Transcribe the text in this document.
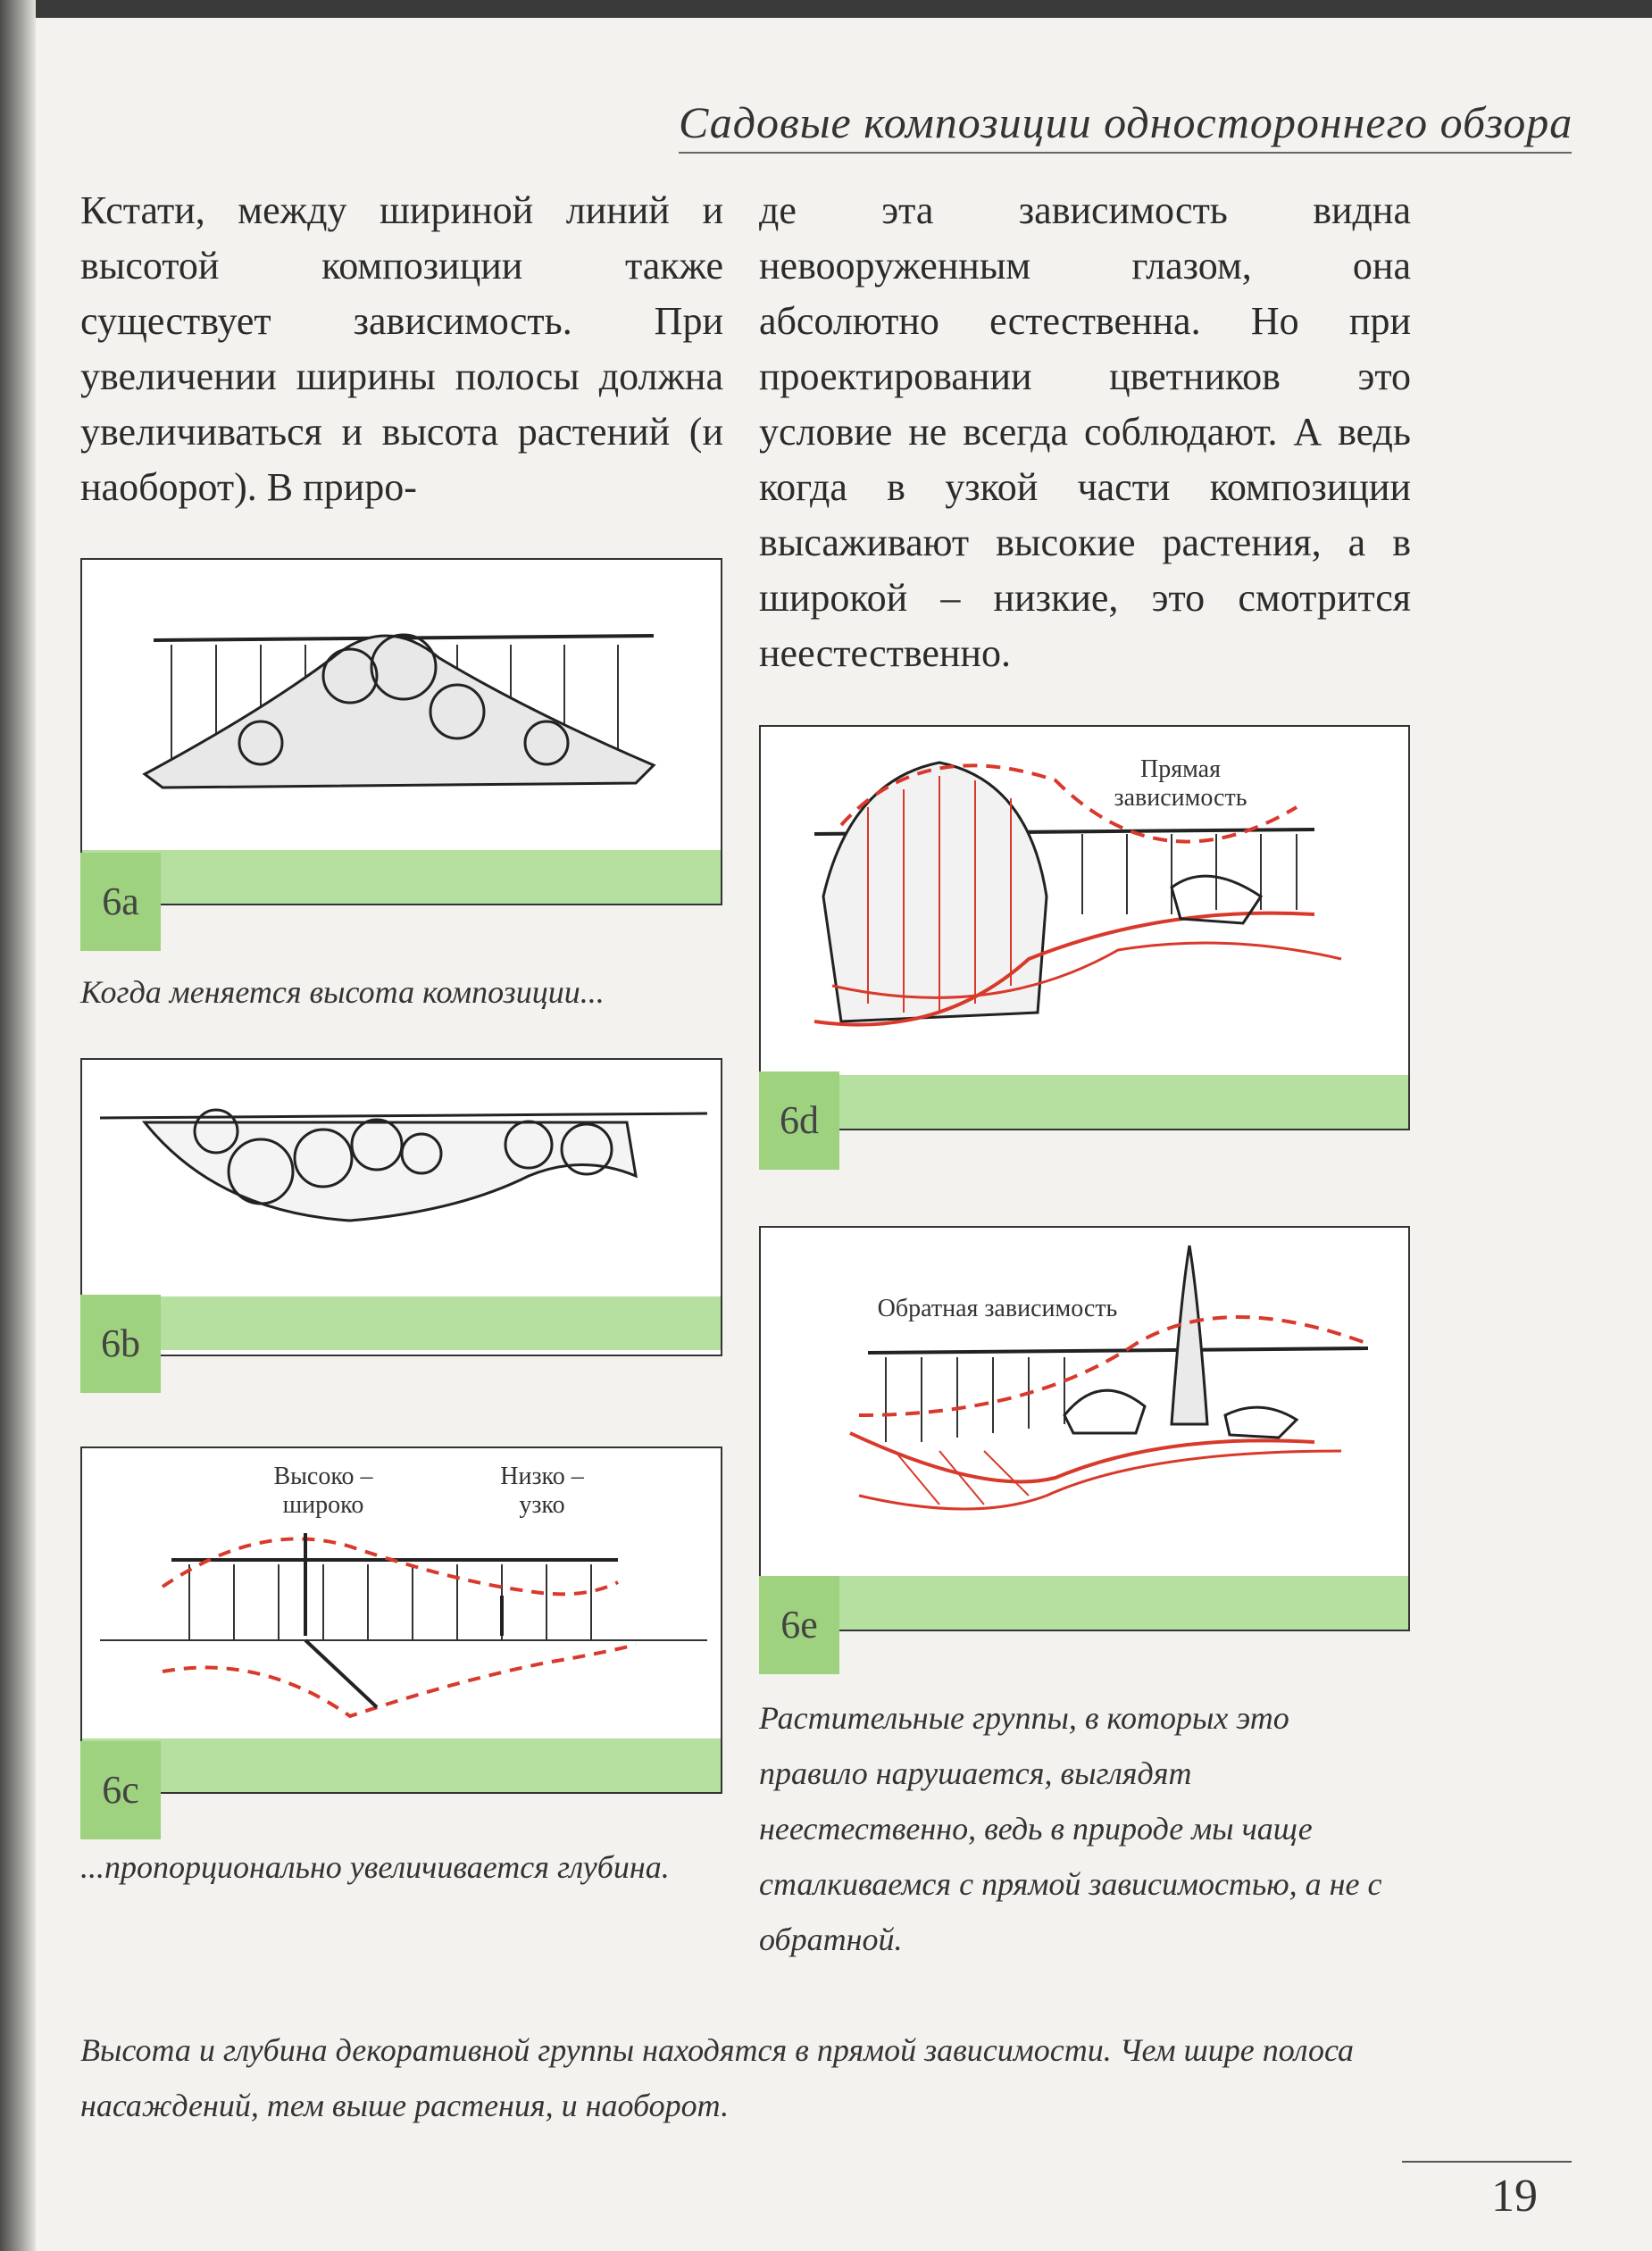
Садовые композиции одностороннего обзора
Кстати, между шириной линий и высотой композиции также существует зависимость. При увеличении ширины полосы должна увеличиваться и высота растений (и наоборот). В приро-
де эта зависимость видна невооруженным глазом, она абсолютно естественна. Но при проектировании цветников это условие не всегда соблюдают. А ведь когда в узкой части композиции высаживают высокие растения, а в широкой – низкие, это смотрится неестественно.
6a
Когда меняется высота композиции...
6b
Высоко – широко
Низко – узко
6c
...пропорционально увеличивается глубина.
Прямая зависимость
6d
Обратная зависимость
6e
Растительные группы, в которых это правило нарушается, выглядят неестественно, ведь в природе мы чаще сталкиваемся с прямой зависимостью, а не с обратной.
Высота и глубина декоративной группы находятся в прямой зависимости. Чем шире полоса насаждений, тем выше растения, и наоборот.
19
